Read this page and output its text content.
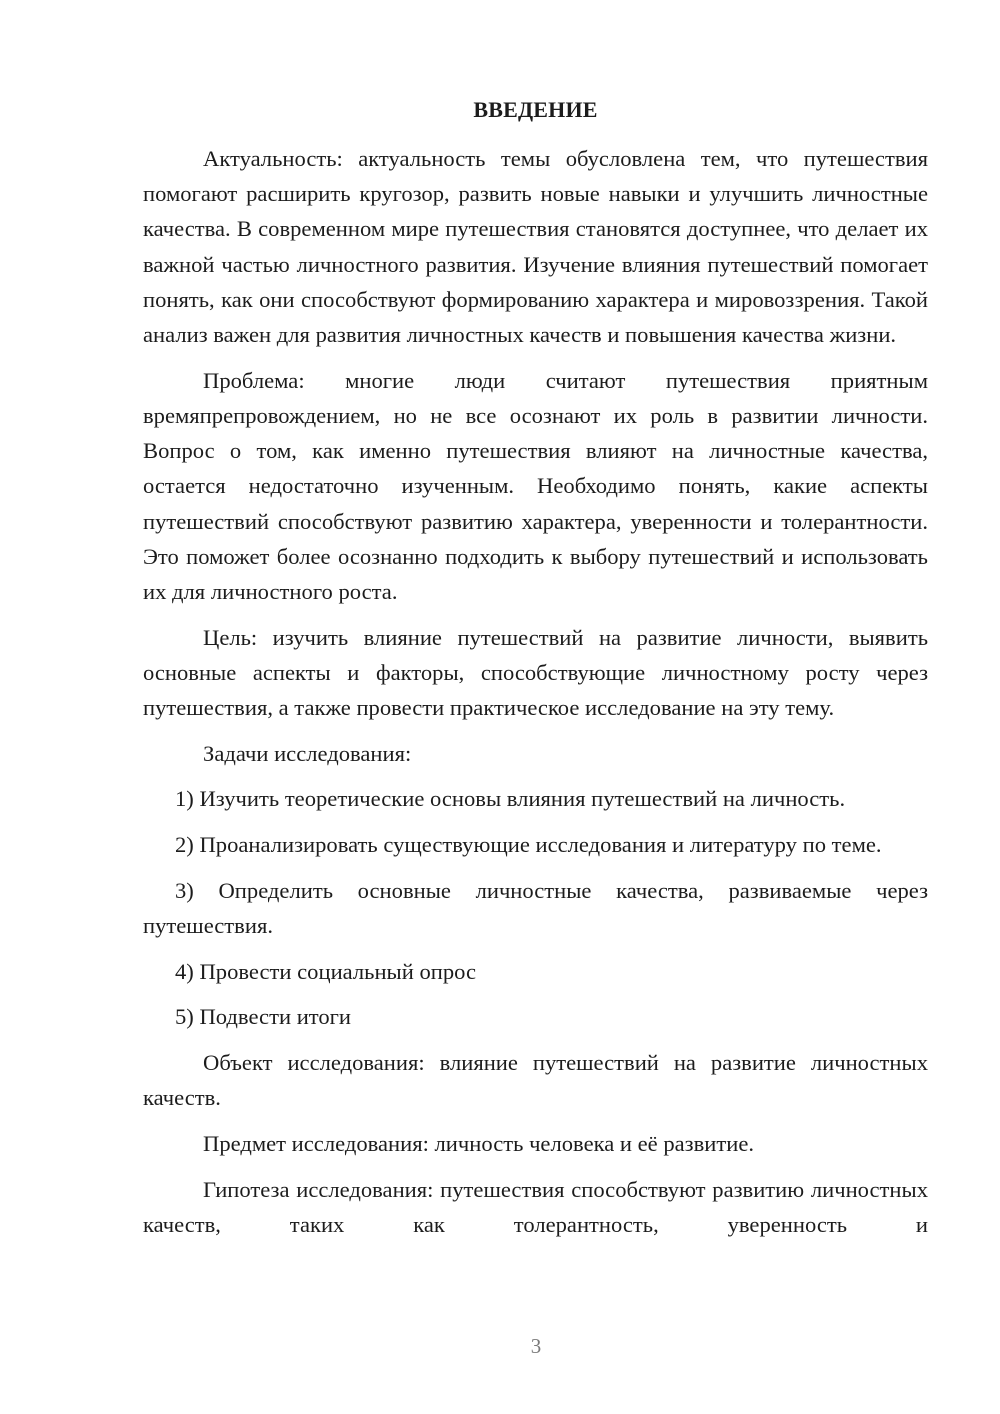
ВВЕДЕНИЕ

Актуальность: актуальность темы обусловлена тем, что путешествия помогают расширить кругозор, развить новые навыки и улучшить личностные качества. В современном мире путешествия становятся доступнее, что делает их важной частью личностного развития. Изучение влияния путешествий помогает понять, как они способствуют формированию характера и мировоззрения. Такой анализ важен для развития личностных качеств и повышения качества жизни.

Проблема: многие люди считают путешествия приятным времяпрепровождением, но не все осознают их роль в развитии личности. Вопрос о том, как именно путешествия влияют на личностные качества, остается недостаточно изученным. Необходимо понять, какие аспекты путешествий способствуют развитию характера, уверенности и толерантности. Это поможет более осознанно подходить к выбору путешествий и использовать их для личностного роста.

Цель: изучить влияние путешествий на развитие личности, выявить основные аспекты и факторы, способствующие личностному росту через путешествия, а также провести практическое исследование на эту тему.

Задачи исследования:

1) Изучить теоретические основы влияния путешествий на личность.

2) Проанализировать существующие исследования и литературу по теме.

3) Определить основные личностные качества, развиваемые через путешествия.

4) Провести социальный опрос

5) Подвести итоги

Объект исследования: влияние путешествий на развитие личностных качеств.

Предмет исследования: личность человека и её развитие.

Гипотеза исследования: путешествия способствуют развитию личностных качеств, таких как толерантность, уверенность и

3
